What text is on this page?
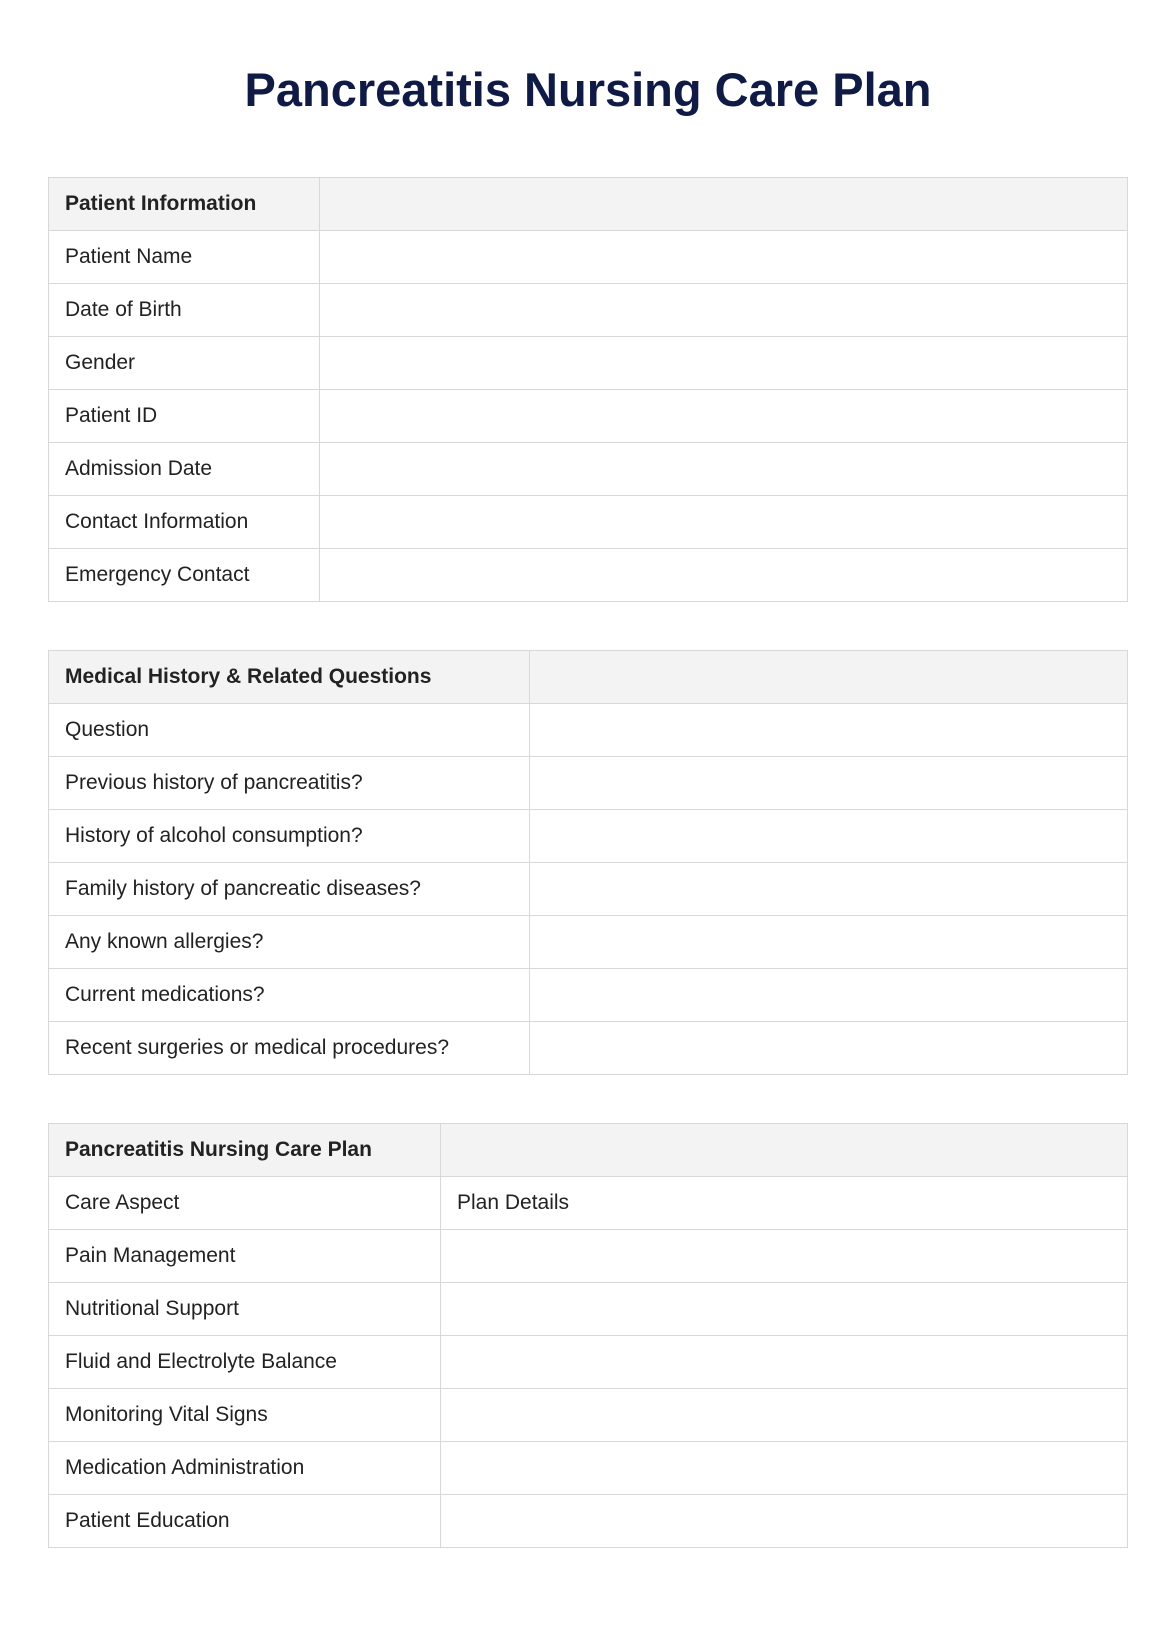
Pancreatitis Nursing Care Plan
Patient Information	
Patient Name	
Date of Birth	
Gender	
Patient ID	
Admission Date	
Contact Information	
Emergency Contact	
Medical History & Related Questions	
Question	
Previous history of pancreatitis?	
History of alcohol consumption?	
Family history of pancreatic diseases?	
Any known allergies?	
Current medications?	
Recent surgeries or medical procedures?	
Pancreatitis Nursing Care Plan	
Care Aspect	Plan Details
Pain Management	
Nutritional Support	
Fluid and Electrolyte Balance	
Monitoring Vital Signs	
Medication Administration	
Patient Education	
